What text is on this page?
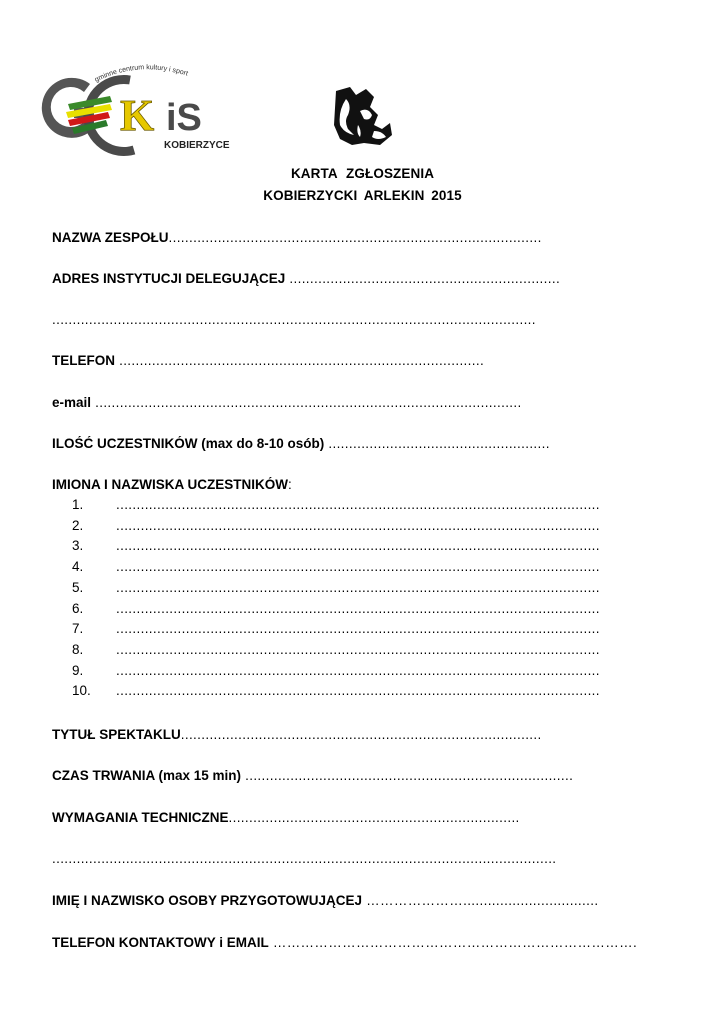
K iS
KOBIERZYCE
gminne centrum kultury i sport
KARTA ZGŁOSZENIA
KOBIERZYCKI ARLEKIN 2015
NAZWA ZESPOŁU...........................................................................................
ADRES INSTYTUCJI DELEGUJĄCEJ ..................................................................
......................................................................................................................
TELEFON .........................................................................................
e-mail ........................................................................................................
ILOŚĆ UCZESTNIKÓW (max do 8-10 osób) ......................................................
IMIONA I NAZWISKA UCZESTNIKÓW:
1.	......................................................................................................................
2.	......................................................................................................................
3.	......................................................................................................................
4.	......................................................................................................................
5.	......................................................................................................................
6.	......................................................................................................................
7.	......................................................................................................................
8.	......................................................................................................................
9.	......................................................................................................................
10.	......................................................................................................................
TYTUŁ SPEKTAKLU........................................................................................
CZAS TRWANIA (max 15 min) ................................................................................
WYMAGANIA TECHNICZNE.......................................................................
...........................................................................................................................
IMIĘ I NAZWISKO OSOBY PRZYGOTOWUJĄCEJ ………………….................................
TELEFON KONTAKTOWY i EMAIL …………………………………………………………………….
